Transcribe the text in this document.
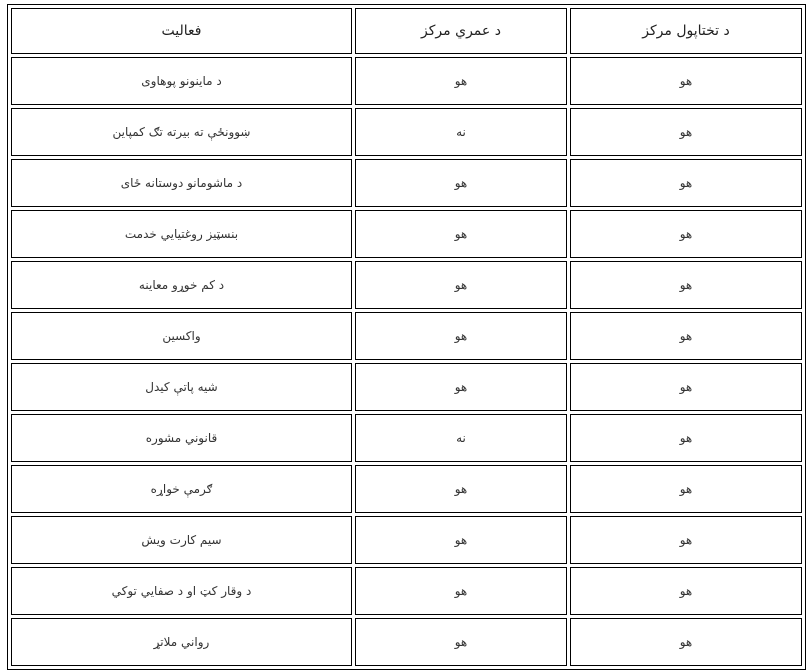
د تختاپول مرکز	د عمري مرکز	فعالیت
هو	هو	د ماینونو پوهاوی
هو	نه	ښوونځې ته بیرته تګ کمپاین
هو	هو	د ماشومانو دوستانه ځای
هو	هو	بنسټیز روغتیایي خدمت
هو	هو	د کم خوړو معاینه
هو	هو	واکسین
هو	هو	شیه پاتې کیدل
هو	نه	قانوني مشوره
هو	هو	ګرمې خواړه
هو	هو	سیم کارت ویش
هو	هو	د وقار کټ او د صفایي توکي
هو	هو	رواني ملاتړ
